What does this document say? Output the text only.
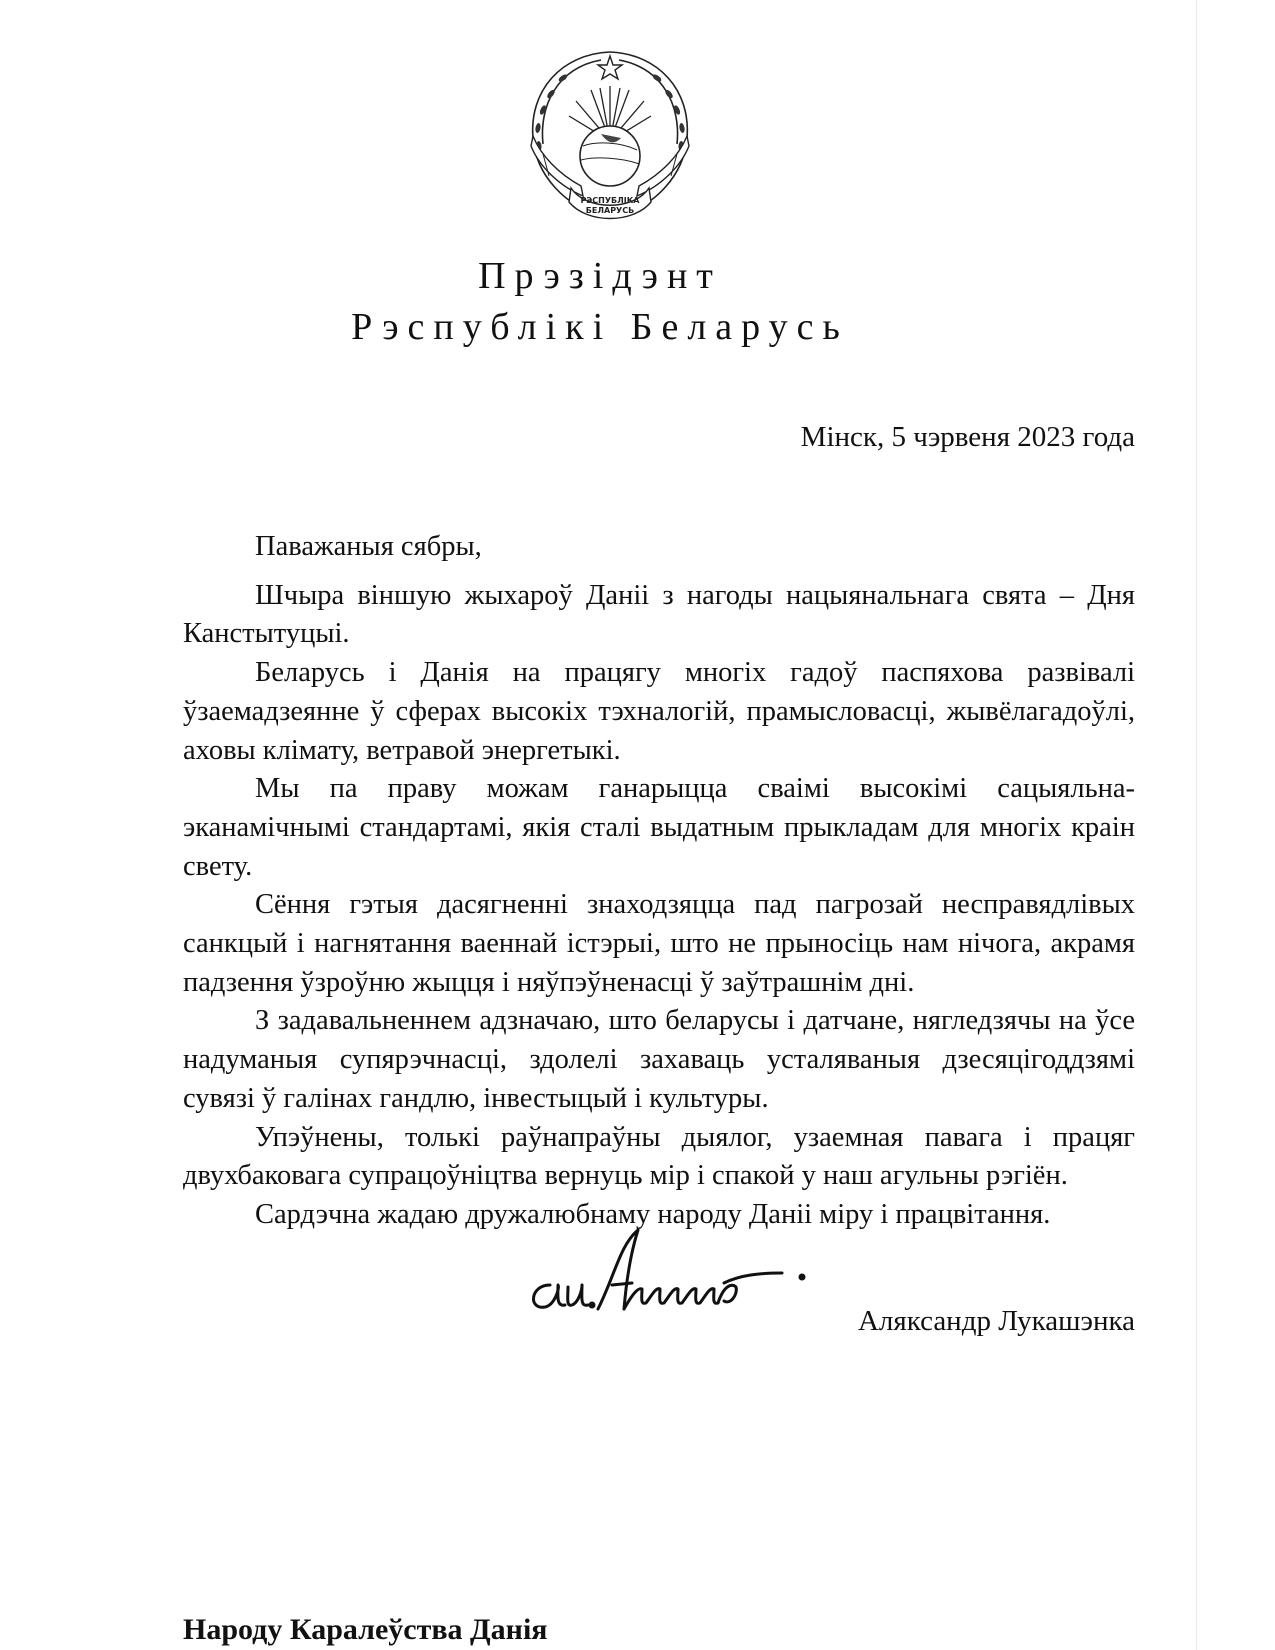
РЭСПУБЛІКА
БЕЛАРУСЬ
Прэзідэнт
Рэспублікі Беларусь
Мінск, 5 чэрвеня 2023 года

Паважаныя сябры,

Шчыра віншую жыхароў Даніі з нагоды нацыянальнага свята – Дня Канстытуцыі.

Беларусь і Данія на працягу многіх гадоў паспяхова развівалі ўзаемадзеянне ў сферах высокіх тэхналогій, прамысловасці, жывёлагадоўлі, аховы клімату, ветравой энергетыкі.

Мы па праву можам ганарыцца сваімі высокімі сацыяльна-эканамічнымі стандартамі, якія сталі выдатным прыкладам для многіх краін свету.

Сёння гэтыя дасягненні знаходзяцца пад пагрозай несправядлівых санкцый і нагнятання ваеннай істэрыі, што не прыносіць нам нічога, акрамя падзення ўзроўню жыцця і няўпэўненасці ў заўтрашнім дні.

З задавальненнем адзначаю, што беларусы і датчане, нягледзячы на ўсе надуманыя супярэчнасці, здолелі захаваць усталяваныя дзесяцігоддзямі сувязі ў галінах гандлю, інвестыцый і культуры.

Упэўнены, толькі раўнапраўны дыялог, узаемная павага і працяг двухбаковага супрацоўніцтва вернуць мір і спакой у наш агульны рэгіён.

Сардэчна жадаю дружалюбнаму народу Даніі міру і працвітання.

Аляксандр Лукашэнка
Народу Каралеўства Данія
